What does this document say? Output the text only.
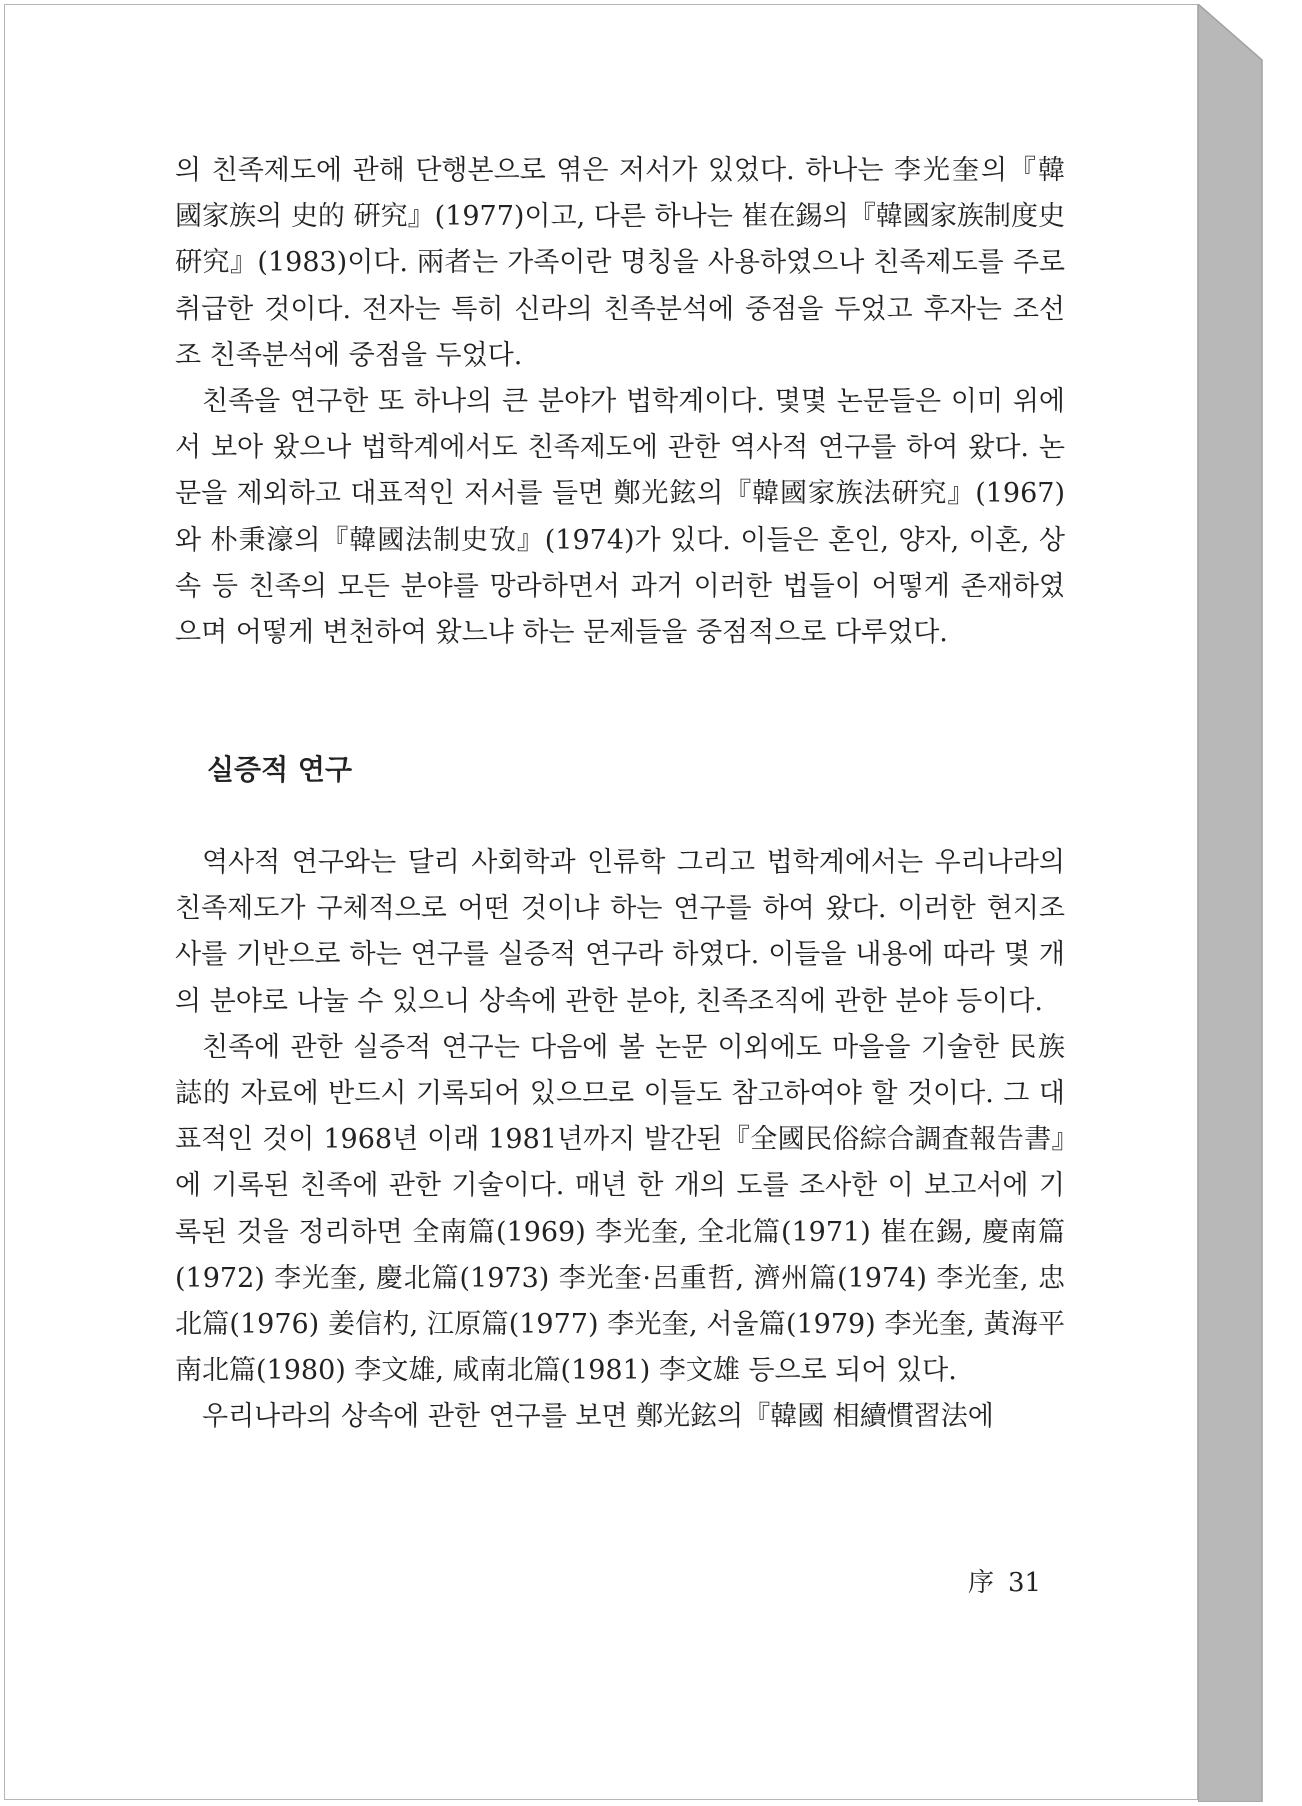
의 친족제도에 관해 단행본으로 엮은 저서가 있었다. 하나는 李光奎의『韓國家族의 史的 硏究』(1977)이고, 다른 하나는 崔在錫의『韓國家族制度史硏究』(1983)이다. 兩者는 가족이란 명칭을 사용하였으나 친족제도를 주로 취급한 것이다. 전자는 특히 신라의 친족분석에 중점을 두었고 후자는 조선조 친족분석에 중점을 두었다.

친족을 연구한 또 하나의 큰 분야가 법학계이다. 몇몇 논문들은 이미 위에서 보아 왔으나 법학계에서도 친족제도에 관한 역사적 연구를 하여 왔다. 논문을 제외하고 대표적인 저서를 들면 鄭光鉉의『韓國家族法硏究』(1967)와 朴秉濠의『韓國法制史攷』(1974)가 있다. 이들은 혼인, 양자, 이혼, 상속 등 친족의 모든 분야를 망라하면서 과거 이러한 법들이 어떻게 존재하였으며 어떻게 변천하여 왔느냐 하는 문제들을 중점적으로 다루었다.

실증적 연구

역사적 연구와는 달리 사회학과 인류학 그리고 법학계에서는 우리나라의 친족제도가 구체적으로 어떤 것이냐 하는 연구를 하여 왔다. 이러한 현지조사를 기반으로 하는 연구를 실증적 연구라 하였다. 이들을 내용에 따라 몇 개의 분야로 나눌 수 있으니 상속에 관한 분야, 친족조직에 관한 분야 등이다.

친족에 관한 실증적 연구는 다음에 볼 논문 이외에도 마을을 기술한 民族誌的 자료에 반드시 기록되어 있으므로 이들도 참고하여야 할 것이다. 그 대표적인 것이 1968년 이래 1981년까지 발간된『全國民俗綜合調査報告書』에 기록된 친족에 관한 기술이다. 매년 한 개의 도를 조사한 이 보고서에 기록된 것을 정리하면 全南篇(1969) 李光奎, 全北篇(1971) 崔在錫, 慶南篇(1972) 李光奎, 慶北篇(1973) 李光奎·呂重哲, 濟州篇(1974) 李光奎, 忠北篇(1976) 姜信杓, 江原篇(1977) 李光奎, 서울篇(1979) 李光奎, 黃海平南北篇(1980) 李文雄, 咸南北篇(1981) 李文雄 등으로 되어 있다.

우리나라의 상속에 관한 연구를 보면 鄭光鉉의『韓國 相續慣習法에

序 31
